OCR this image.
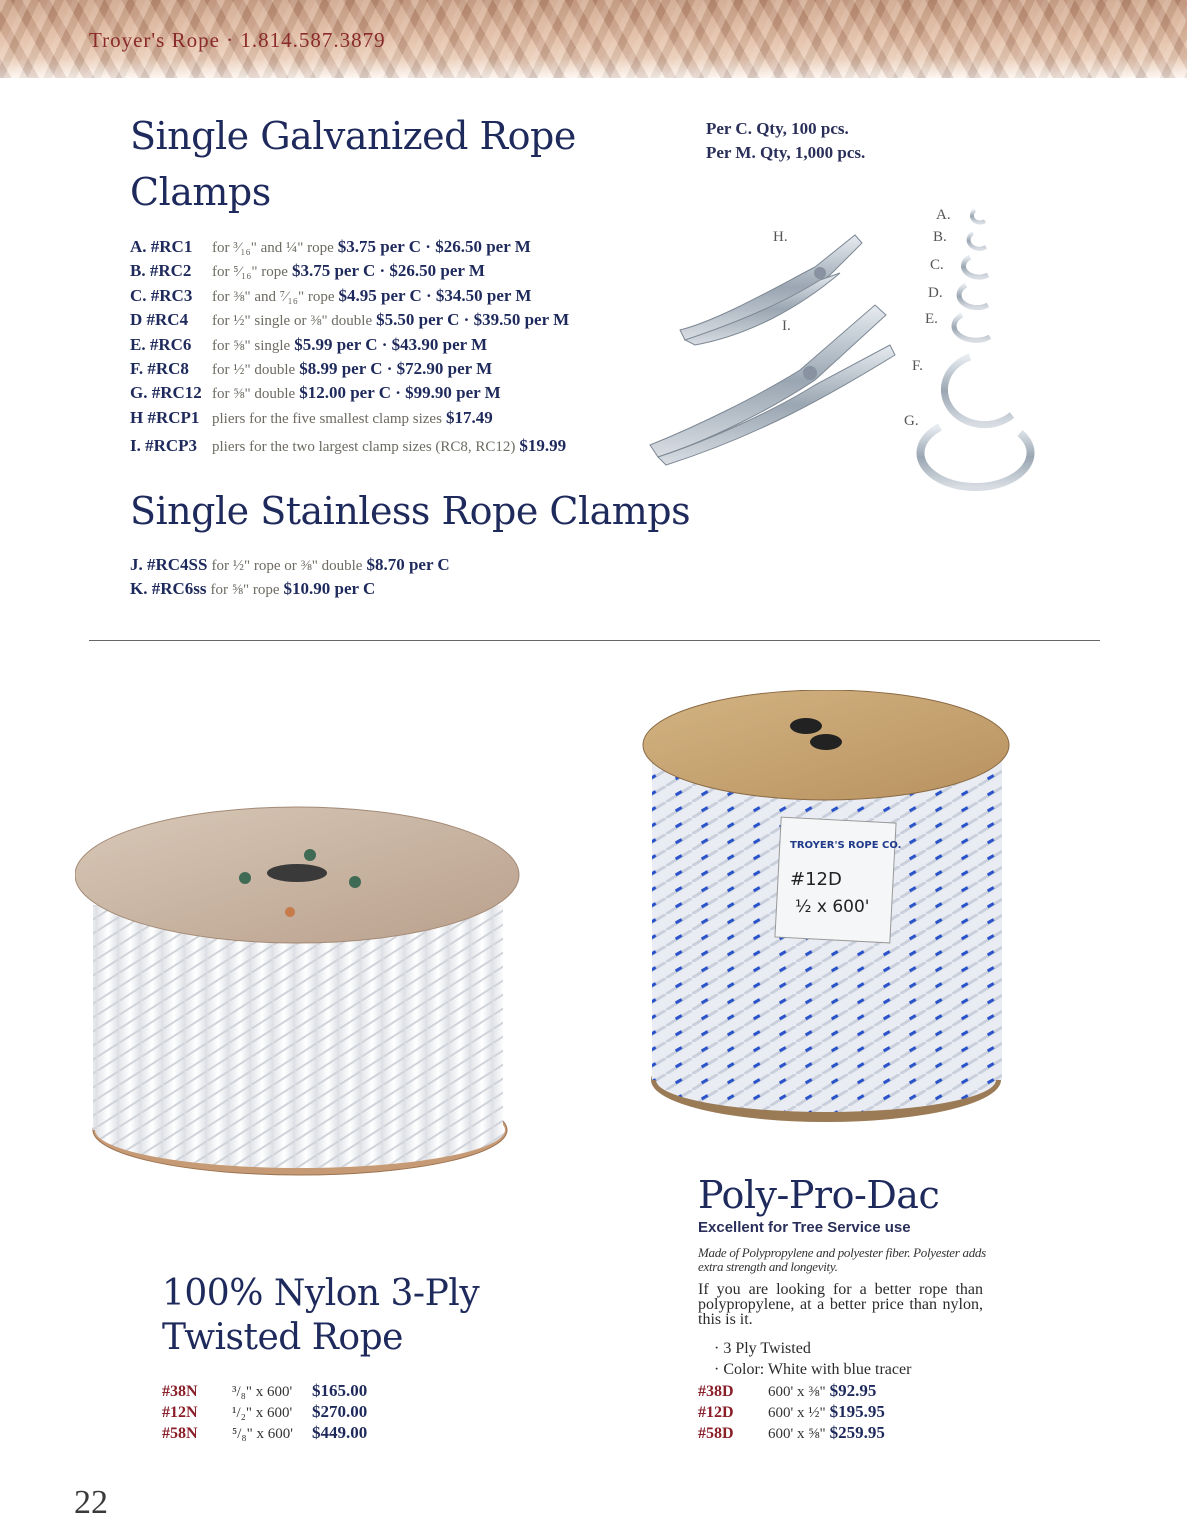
Troyer's Rope · 1.814.587.3879
Single Galvanized Rope
Clamps
Per C. Qty, 100 pcs.
Per M. Qty, 1,000 pcs.
A. #RC1 for ³⁄₁₆" and ¼" rope $3.75 per C · $26.50 per M
B. #RC2 for ⁵⁄₁₆" rope $3.75 per C · $26.50 per M
C. #RC3 for ⅜" and ⁷⁄₁₆" rope $4.95 per C · $34.50 per M
D #RC4 for ½" single or ⅜" double $5.50 per C · $39.50 per M
E. #RC6 for ⅝" single $5.99 per C · $43.90 per M
F. #RC8 for ½" double $8.99 per C · $72.90 per M
G. #RC12 for ⅝" double $12.00 per C · $99.90 per M
H #RCP1 pliers for the five smallest clamp sizes $17.49
I. #RCP3 pliers for the two largest clamp sizes (RC8, RC12) $19.99
H.
I.
A.
B.
C.
D.
E.
F.
G.
Single Stainless Rope Clamps
J. #RC4SS for ½" rope or ⅜" double $8.70 per C
K. #RC6ss for ⅝" rope $10.90 per C
TROYER'S ROPE CO.
#12D
½ x 600'
100% Nylon 3-Ply
Twisted Rope
#38N ³/₈" x 600' $165.00
#12N ¹/₂" x 600' $270.00
#58N ⁵/₈" x 600' $449.00
Poly-Pro-Dac
Excellent for Tree Service use
Made of Polypropylene and polyester fiber. Polyester adds extra strength and longevity.
If you are looking for a better rope than polypropylene, at a better price than nylon, this is it.
· 3 Ply Twisted
· Color: White with blue tracer
#38D 600' x ⅜" $92.95
#12D 600' x ½" $195.95
#58D 600' x ⅝" $259.95
22
